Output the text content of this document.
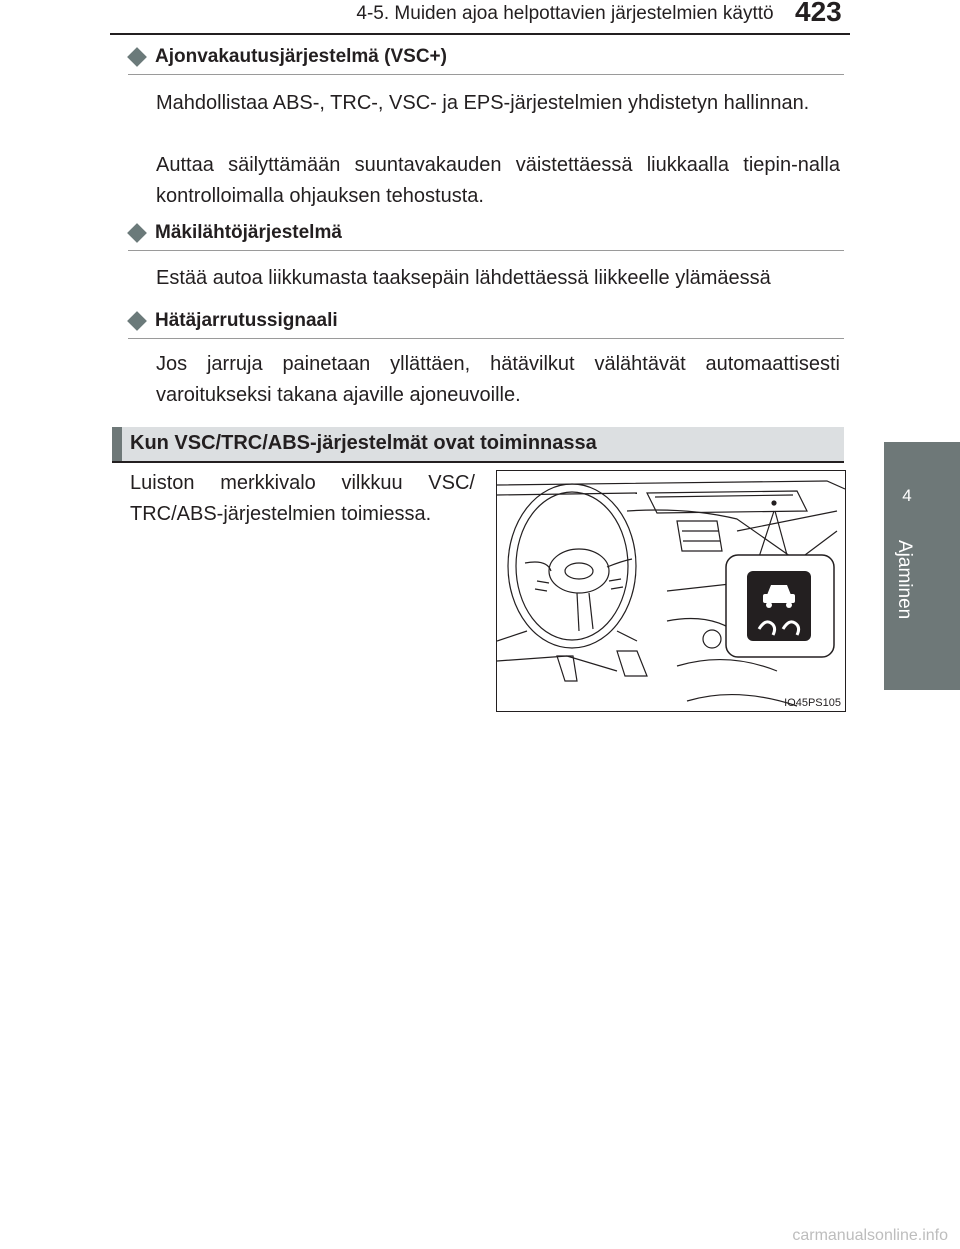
4-5. Muiden ajoa helpottavien järjestelmien käyttö 423
4
Ajaminen
Ajonvakautusjärjestelmä (VSC+)
Mahdollistaa ABS-, TRC-, VSC- ja EPS-järjestelmien yhdistetyn hallinnan.
Auttaa säilyttämään suuntavakauden väistettäessä liukkaalla tiepin-nalla kontrolloimalla ohjauksen tehostusta.
Mäkilähtöjärjestelmä
Estää autoa liikkumasta taaksepäin lähdettäessä liikkeelle ylämäessä
Hätäjarrutussignaali
Jos jarruja painetaan yllättäen, hätävilkut välähtävät automaattisesti varoitukseksi takana ajaville ajoneuvoille.
Kun VSC/TRC/ABS-järjestelmät ovat toiminnassa
Luiston merkkivalo vilkkuu VSC/ TRC/ABS-järjestelmien toimiessa.
IO45PS105
carmanualsonline.info
